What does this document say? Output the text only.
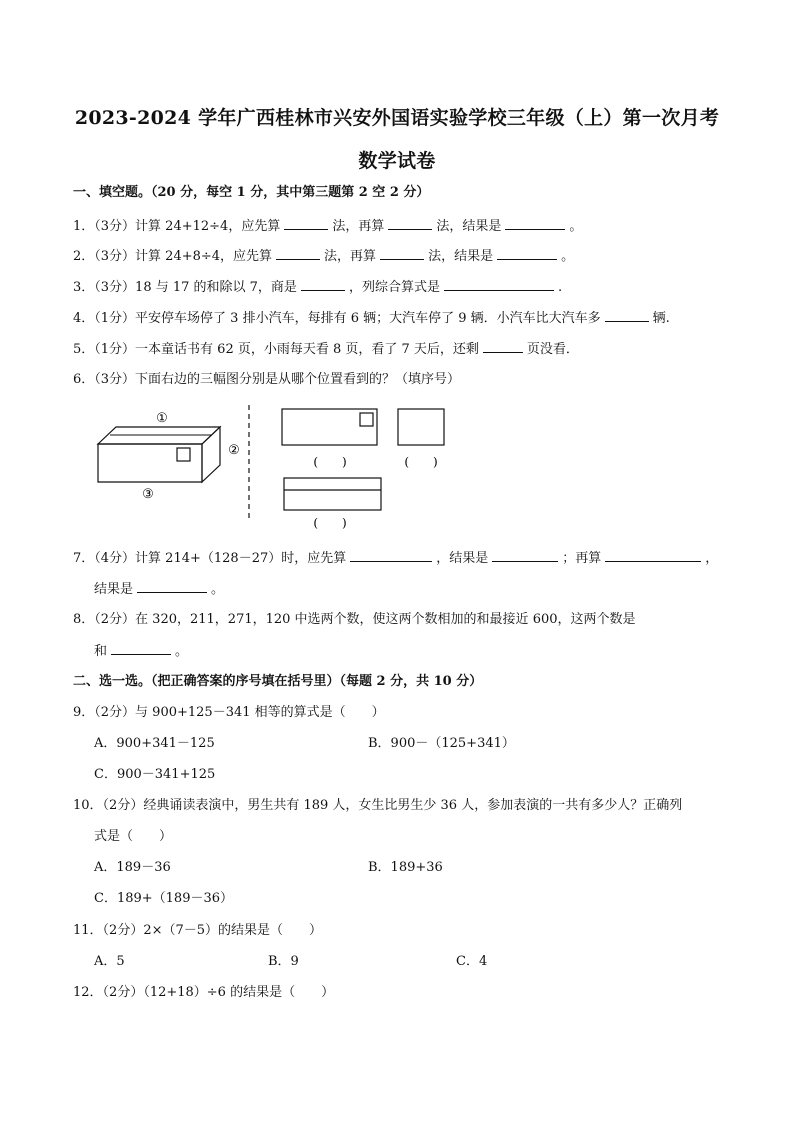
2023-2024 学年广西桂林市兴安外国语实验学校三年级（上）第一次月考
数学试卷
一、填空题。（20 分，每空 1 分，其中第三题第 2 空 2 分）
1．（3分）计算 24+12÷4，应先算	法，再算	法，结果是	。
2．（3分）计算 24+8÷4，应先算	法，再算	法，结果是	。
3．（3分）18 与 17 的和除以 7，商是	，列综合算式是	.
4．（1分）平安停车场停了 3 排小汽车，每排有 6 辆；大汽车停了 9 辆．小汽车比大汽车多	辆.
5．（1分）一本童话书有 62 页，小雨每天看 8 页，看了 7 天后，还剩	页没看．
6．（3分）下面右边的三幅图分别是从哪个位置看到的？（填序号）
①
②
③
(　　)	(　　)
(　　)
7．（4分）计算 214+（128－27）时，应先算	，结果是	；再算	，
结果是	。
8．（2分）在 320，211，271，120 中选两个数，使这两个数相加的和最接近 600，这两个数是
和	。
二、选一选。（把正确答案的序号填在括号里）（每题 2 分，共 10 分）
9．（2分）与 900+125－341 相等的算式是（　　）
A．900+341－125	B．900－（125+341）
C．900－341+125
10．（2分）经典诵读表演中，男生共有 189 人，女生比男生少 36 人，参加表演的一共有多少人？正确列
式是（　　）
A．189－36	B．189+36
C．189+（189－36）
11．（2分）2×（7－5）的结果是（　　）
A．5	B．9	C．4
12．（2分）（12+18）÷6 的结果是（　　）
